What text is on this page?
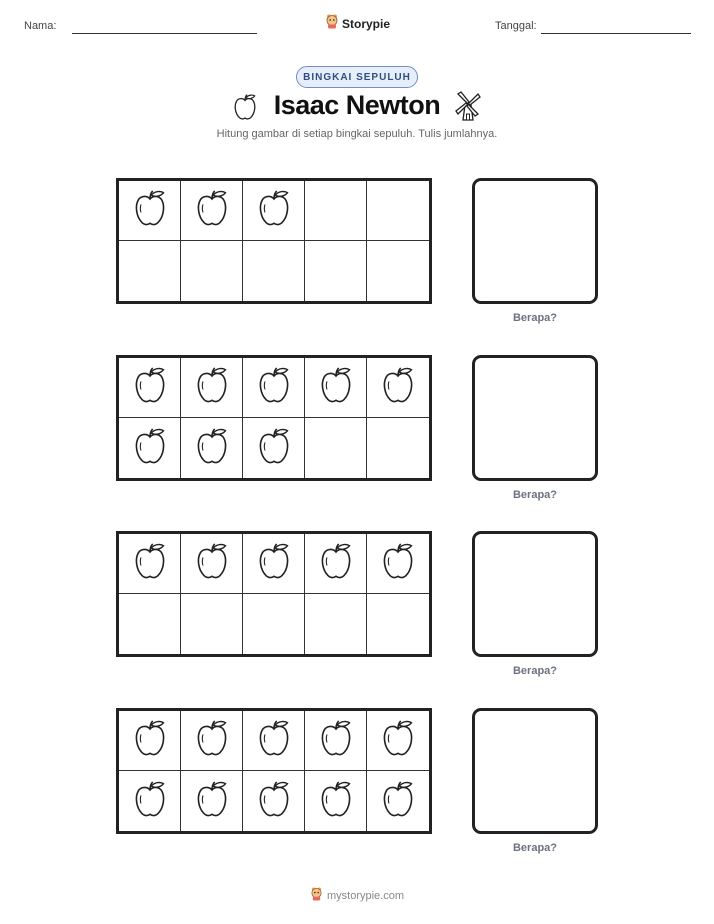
Nama:	Storypie	Tanggal:
BINGKAI SEPULUH
Isaac Newton
Hitung gambar di setiap bingkai sepuluh. Tulis jumlahnya.
Berapa?
Berapa?
Berapa?
Berapa?
mystorypie.com
